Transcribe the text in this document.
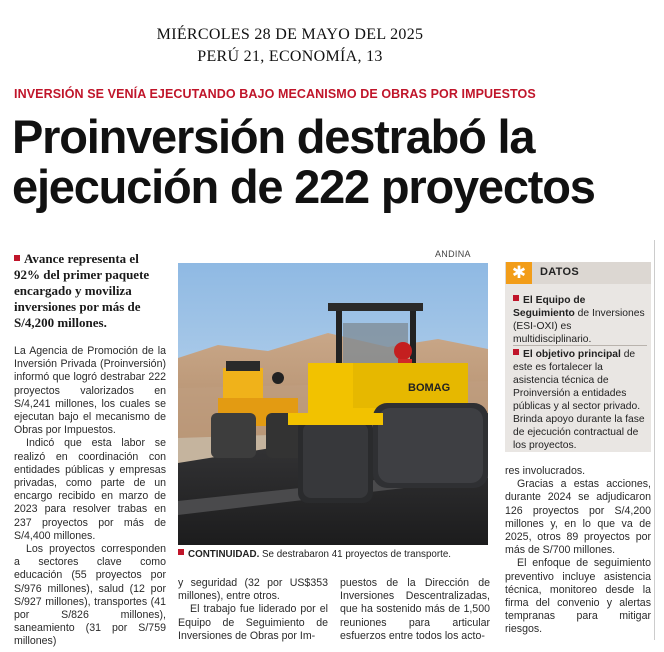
MIÉRCOLES 28 DE MAYO DEL 2025
PERÚ 21, ECONOMÍA, 13
INVERSIÓN SE VENÍA EJECUTANDO BAJO MECANISMO DE OBRAS POR IMPUESTOS
Proinversión destrabó la
ejecución de 222 proyectos
Avance representa el 92% del primer paquete encargado y moviliza inversiones por más de S/4,200 millones.

La Agencia de Promoción de la Inversión Privada (Proinversión) informó que logró destrabar 222 proyectos valorizados en S/4,241 millones, los cuales se ejecutan bajo el mecanismo de Obras por Impuestos.

Indicó que esta labor se realizó en coordinación con entidades públicas y empresas privadas, como parte de un encargo recibido en marzo de 2023 para resolver trabas en 237 proyectos por más de S/4,400 millones.

Los proyectos corresponden a sectores clave como educación (55 proyectos por S/976 millones), salud (12 por S/927 millones), transportes (41 por S/826 millones), saneamiento (31 por S/759 millones)

ANDINA
BOMAG
CONTINUIDAD. Se destrabaron 41 proyectos de transporte.

y seguridad (32 por US$353 millones), entre otros.

El trabajo fue liderado por el Equipo de Seguimiento de Inversiones de Obras por Im-

puestos de la Dirección de Inversiones Descentralizadas, que ha sostenido más de 1,500 reuniones para articular esfuerzos entre todos los acto-

✱	DATOS
El Equipo de Seguimiento de Inversiones (ESI-OXI) es multidisciplinario.
El objetivo principal de este es fortalecer la asistencia técnica de Proinversión a entidades públicas y al sector privado. Brinda apoyo durante la fase de ejecución contractual de los proyectos.

res involucrados.

Gracias a estas acciones, durante 2024 se adjudicaron 126 proyectos por S/4,200 millones y, en lo que va de 2025, otros 89 proyectos por más de S/700 millones.

El enfoque de seguimiento preventivo incluye asistencia técnica, monitoreo desde la firma del convenio y alertas tempranas para mitigar riesgos.
